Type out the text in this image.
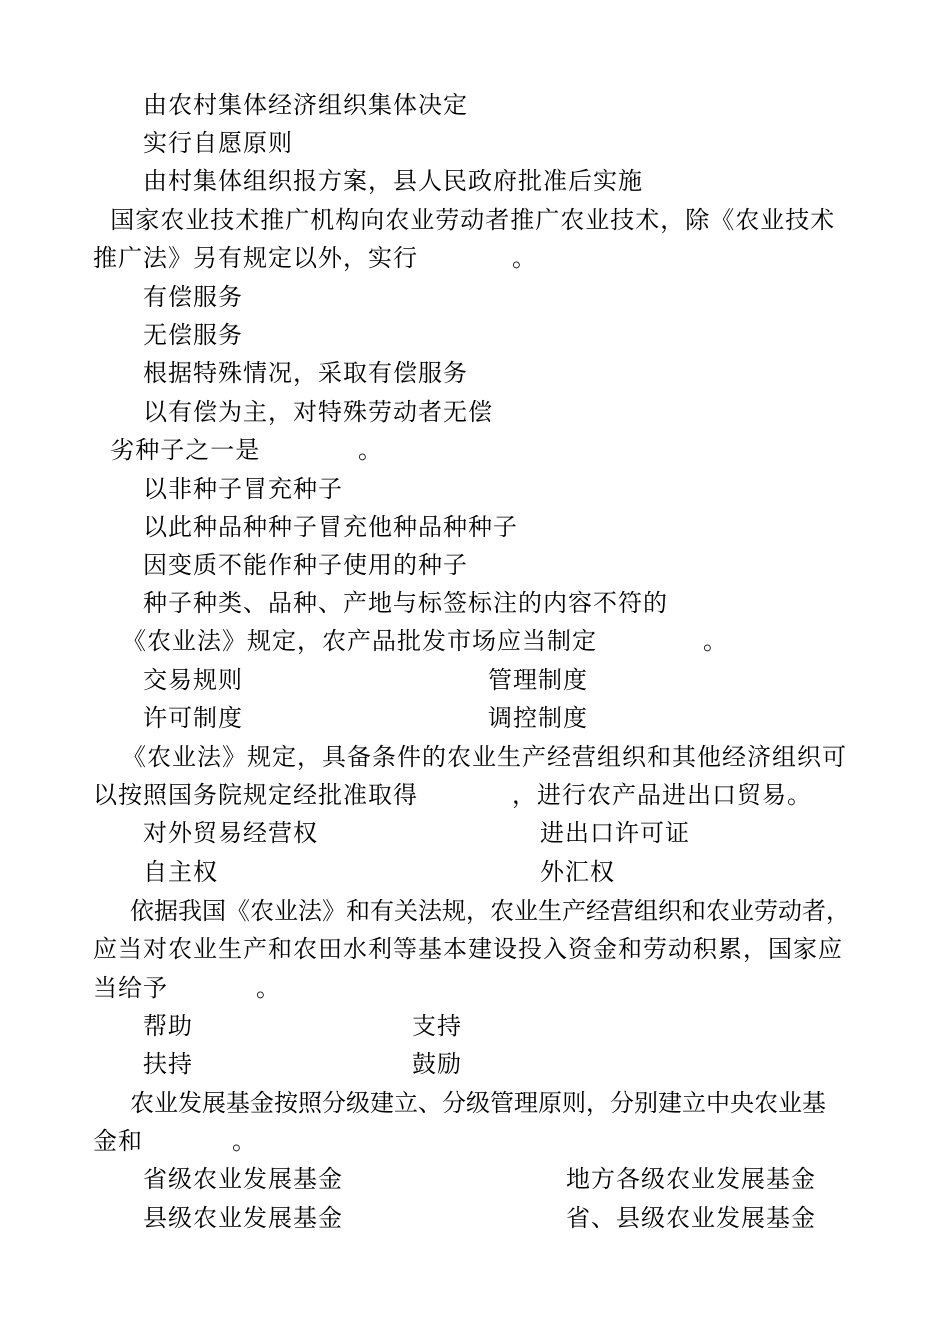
由农村集体经济组织集体决定
实行自愿原则
由村集体组织报方案，县人民政府批准后实施
国家农业技术推广机构向农业劳动者推广农业技术，除《农业技术
推广法》另有规定以外，实行	。
有偿服务
无偿服务
根据特殊情况，采取有偿服务
以有偿为主，对特殊劳动者无偿
劣种子之一是	。
以非种子冒充种子
以此种品种种子冒充他种品种种子
因变质不能作种子使用的种子
种子种类、品种、产地与标签标注的内容不符的
《农业法》规定，农产品批发市场应当制定	。
交易规则	管理制度
许可制度	调控制度
《农业法》规定，具备条件的农业生产经营组织和其他经济组织可
以按照国务院规定经批准取得	，进行农产品进出口贸易。
对外贸易经营权	进出口许可证
自主权	外汇权
依据我国《农业法》和有关法规，农业生产经营组织和农业劳动者，
应当对农业生产和农田水利等基本建设投入资金和劳动积累，国家应
当给予	。
帮助	支持
扶持	鼓励
农业发展基金按照分级建立、分级管理原则，分别建立中央农业基
金和	。
省级农业发展基金	地方各级农业发展基金
县级农业发展基金	省、县级农业发展基金
